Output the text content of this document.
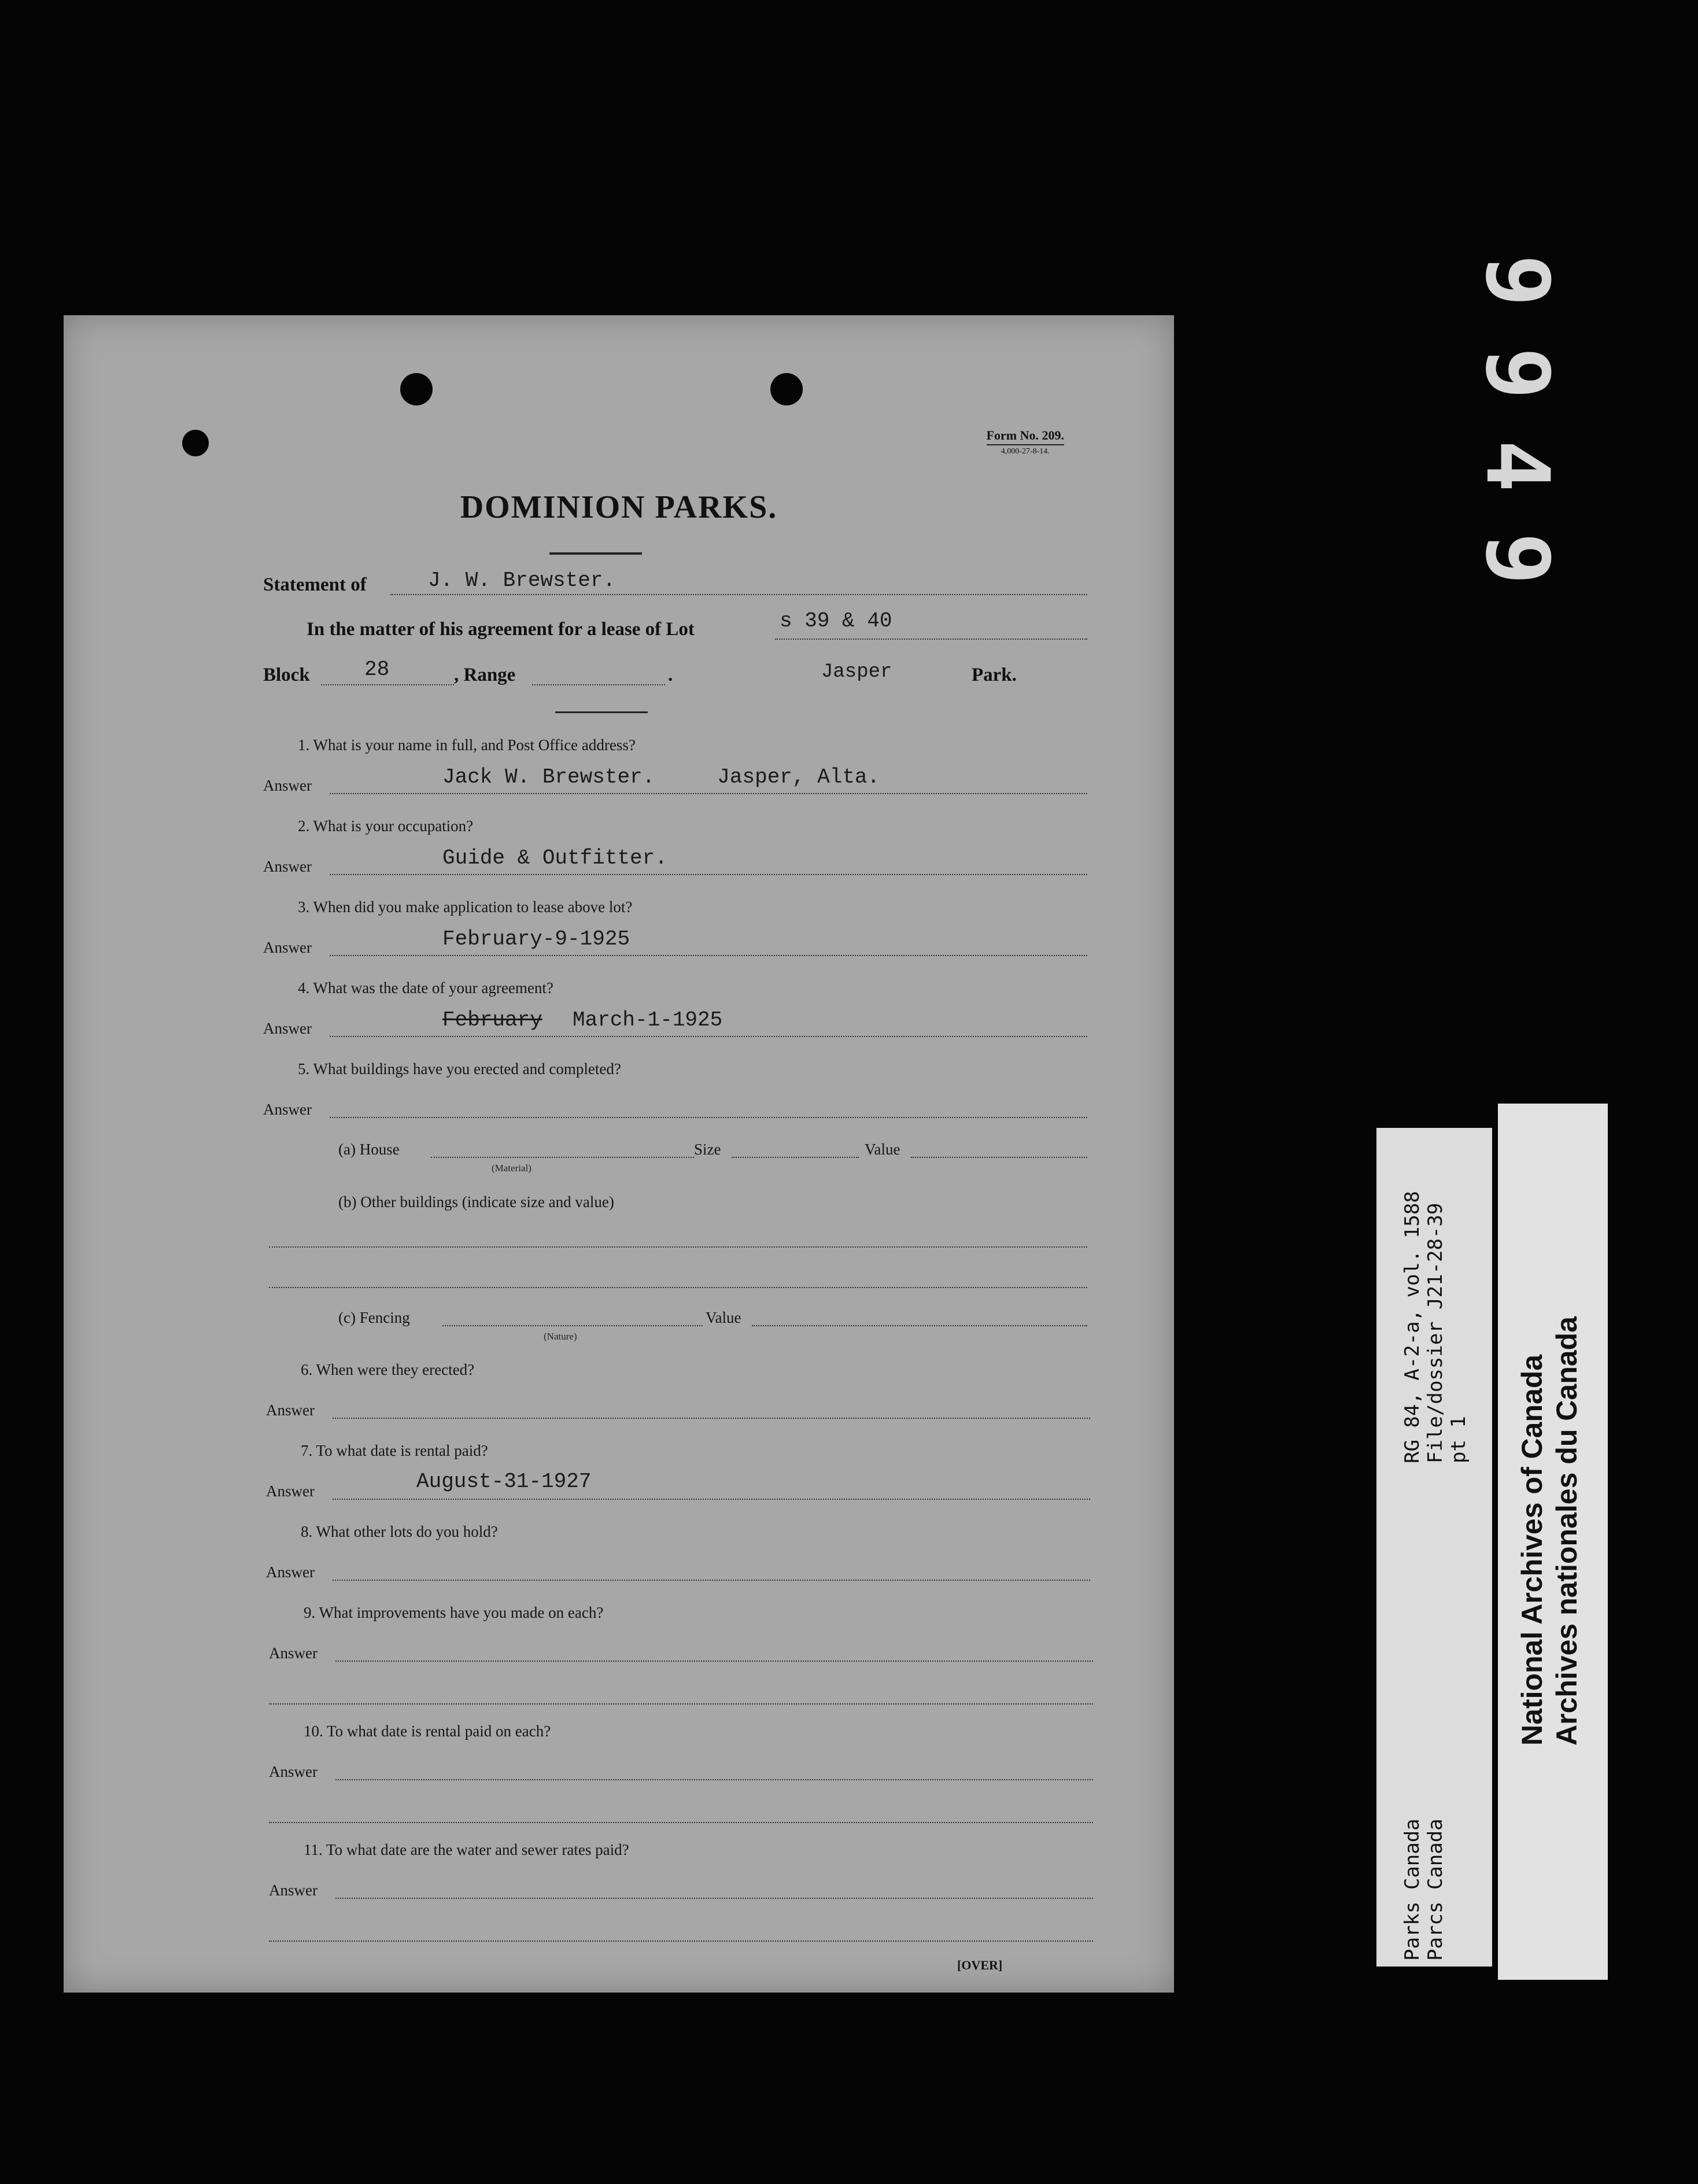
9949
Form No. 209.
4,000-27-8-14.
DOMINION PARKS.
Statement of	J. W. Brewster.
In the matter of his agreement for a lease of Lot	s 39 & 40
Block	28	, Range	.	Jasper	Park.
1. What is your name in full, and Post Office address?
Answer	Jack W. Brewster.     Jasper, Alta.
2. What is your occupation?
Answer	Guide & Outfitter.
3. When did you make application to lease above lot?
Answer	February-9-1925
4. What was the date of your agreement?
Answer	February March-1-1925
5. What buildings have you erected and completed?
Answer
(a) House
(Material)
Size	Value
(b) Other buildings (indicate size and value)
(c) Fencing
(Nature)
Value
6. When were they erected?
Answer
7. To what date is rental paid?
Answer	August-31-1927
8. What other lots do you hold?
Answer
9. What improvements have you made on each?
Answer
10. To what date is rental paid on each?
Answer
11. To what date are the water and sewer rates paid?
Answer
[OVER]
RG 84, A-2-a, vol. 1588 File/dossier J21-28-39 pt 1
Parks Canada Parcs Canada
National Archives of Canada Archives nationales du Canada
